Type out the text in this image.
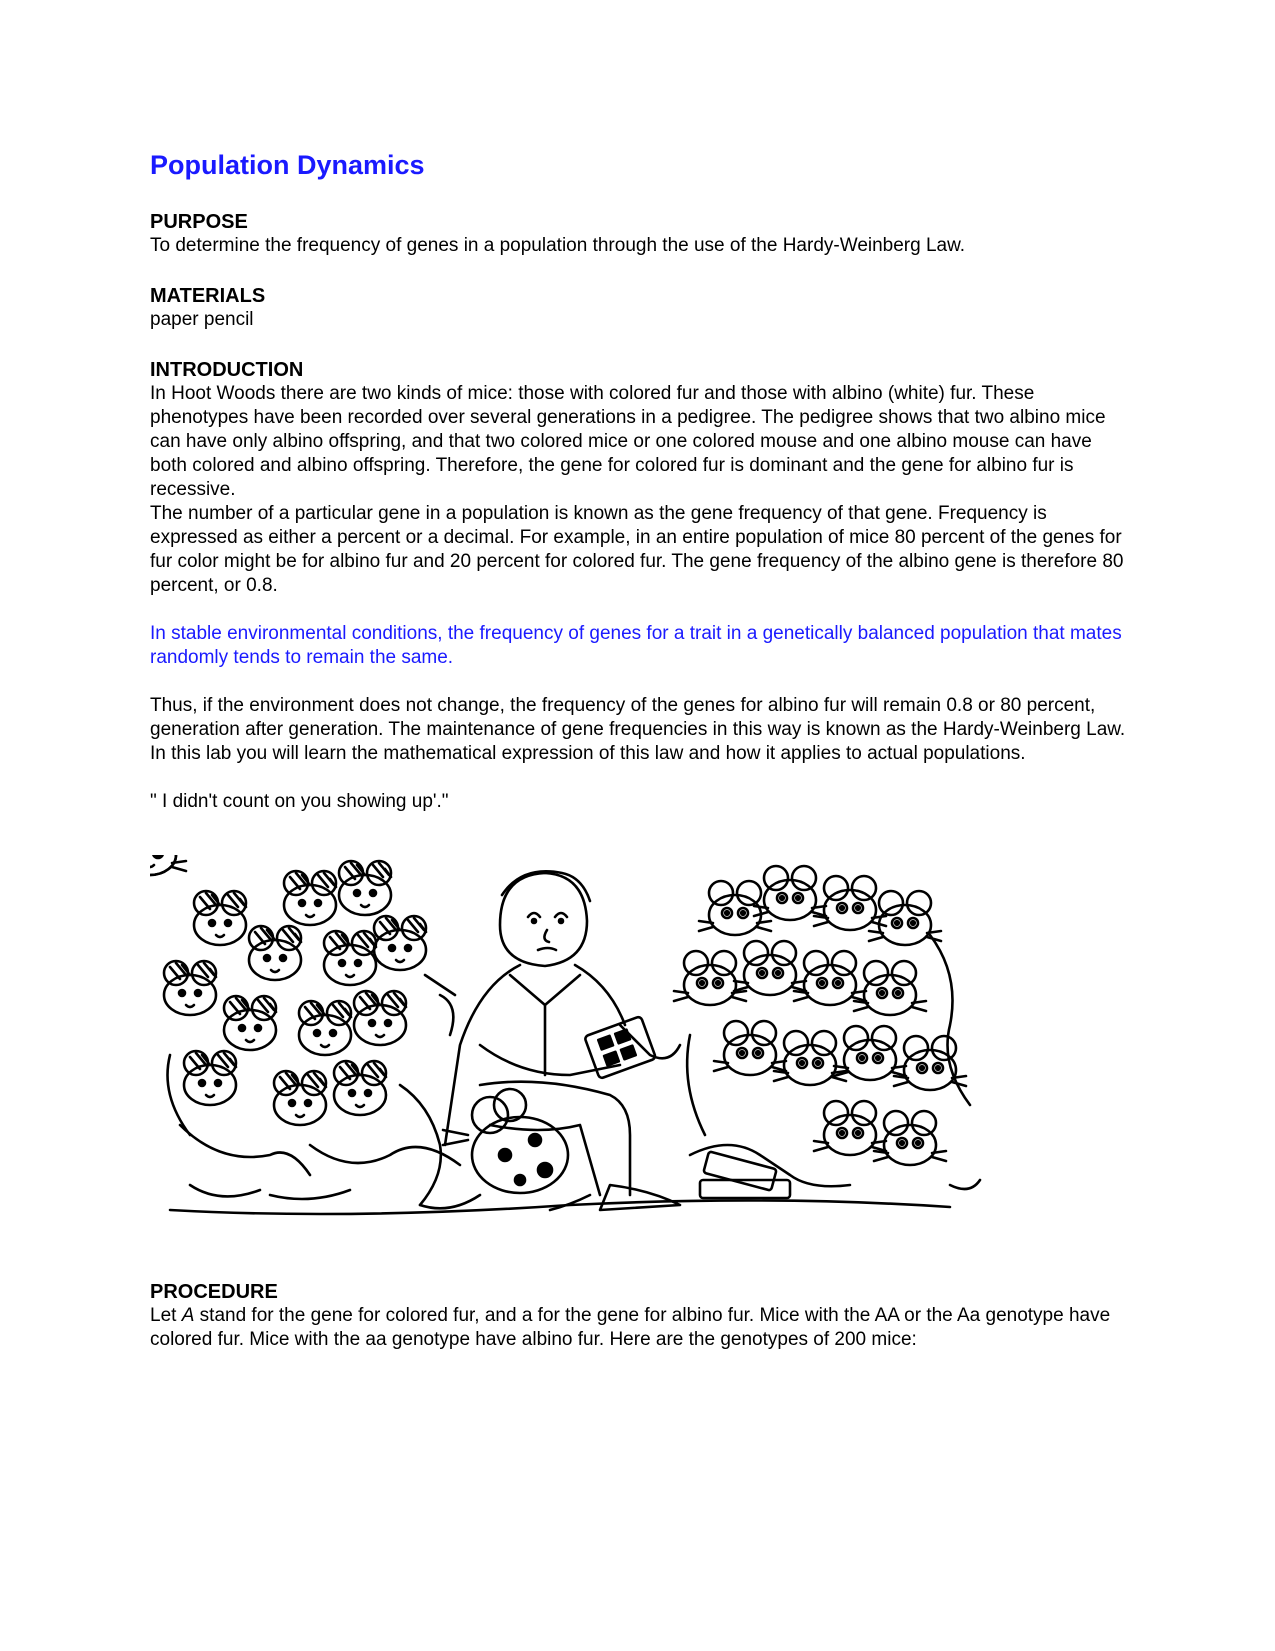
Population Dynamics
PURPOSE

To determine the frequency of genes in a population through the use of the Hardy-Weinberg Law.

MATERIALS

paper pencil

INTRODUCTION

In Hoot Woods there are two kinds of mice: those with colored fur and those with albino (white) fur. These phenotypes have been recorded over several generations in a pedigree. The pedigree shows that two albino mice can have only albino offspring, and that two colored mice or one colored mouse and one albino mouse can have both colored and albino offspring. Therefore, the gene for colored fur is dominant and the gene for albino fur is recessive.

The number of a particular gene in a population is known as the gene frequency of that gene. Frequency is expressed as either a percent or a decimal. For example, in an entire population of mice 80 percent of the genes for fur color might be for albino fur and 20 percent for colored fur. The gene frequency of the albino gene is therefore 80 percent, or 0.8.

In stable environmental conditions, the frequency of genes for a trait in a genetically balanced population that mates randomly tends to remain the same.

Thus, if the environment does not change, the frequency of the genes for albino fur will remain 0.8 or 80 percent, generation after generation. The maintenance of gene frequencies in this way is known as the Hardy-Weinberg Law. In this lab you will learn the mathematical expression of this law and how it applies to actual populations.

" I didn't count on you showing up'."

PROCEDURE

Let A stand for the gene for colored fur, and a for the gene for albino fur. Mice with the AA or the Aa genotype have colored fur. Mice with the aa genotype have albino fur. Here are the genotypes of 200 mice:
